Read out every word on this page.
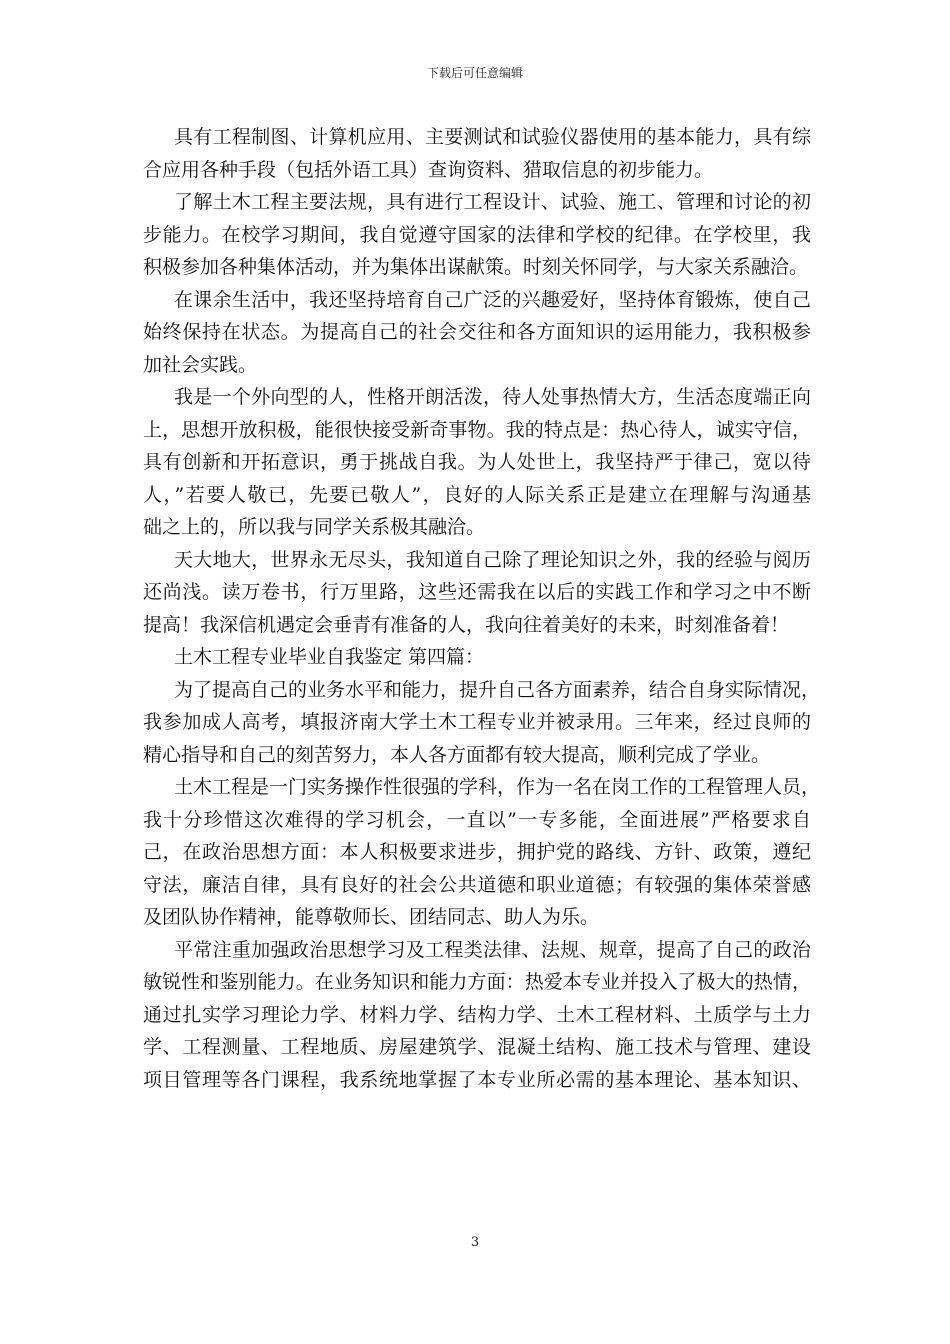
下载后可任意编辑
具有工程制图、计算机应用、主要测试和试验仪器使用的基本能力，具有综
合应用各种手段（包括外语工具）查询资料、猎取信息的初步能力。
了解土木工程主要法规，具有进行工程设计、试验、施工、管理和讨论的初
步能力。在校学习期间，我自觉遵守国家的法律和学校的纪律。在学校里，我
积极参加各种集体活动，并为集体出谋献策。时刻关怀同学，与大家关系融洽。
在课余生活中，我还坚持培育自己广泛的兴趣爱好，坚持体育锻炼，使自己
始终保持在状态。为提高自己的社会交往和各方面知识的运用能力，我积极参
加社会实践。
我是一个外向型的人，性格开朗活泼，待人处事热情大方，生活态度端正向
上，思想开放积极，能很快接受新奇事物。我的特点是：热心待人，诚实守信，
具有创新和开拓意识，勇于挑战自我。为人处世上，我坚持严于律己，宽以待
人，”若要人敬已，先要已敬人”，良好的人际关系正是建立在理解与沟通基
础之上的，所以我与同学关系极其融洽。
天大地大，世界永无尽头，我知道自己除了理论知识之外，我的经验与阅历
还尚浅。读万卷书，行万里路，这些还需我在以后的实践工作和学习之中不断
提高！我深信机遇定会垂青有准备的人，我向往着美好的未来，时刻准备着！
土木工程专业毕业自我鉴定 第四篇：
为了提高自己的业务水平和能力，提升自己各方面素养，结合自身实际情况，
我参加成人高考，填报济南大学土木工程专业并被录用。三年来，经过良师的
精心指导和自己的刻苦努力，本人各方面都有较大提高，顺利完成了学业。
土木工程是一门实务操作性很强的学科，作为一名在岗工作的工程管理人员，
我十分珍惜这次难得的学习机会，一直以”一专多能，全面进展”严格要求自
己，在政治思想方面：本人积极要求进步，拥护党的路线、方针、政策，遵纪
守法，廉洁自律，具有良好的社会公共道德和职业道德；有较强的集体荣誉感
及团队协作精神，能尊敬师长、团结同志、助人为乐。
平常注重加强政治思想学习及工程类法律、法规、规章，提高了自己的政治
敏锐性和鉴别能力。在业务知识和能力方面：热爱本专业并投入了极大的热情，
通过扎实学习理论力学、材料力学、结构力学、土木工程材料、土质学与土力
学、工程测量、工程地质、房屋建筑学、混凝土结构、施工技术与管理、建设
项目管理等各门课程，我系统地掌握了本专业所必需的基本理论、基本知识、
3
